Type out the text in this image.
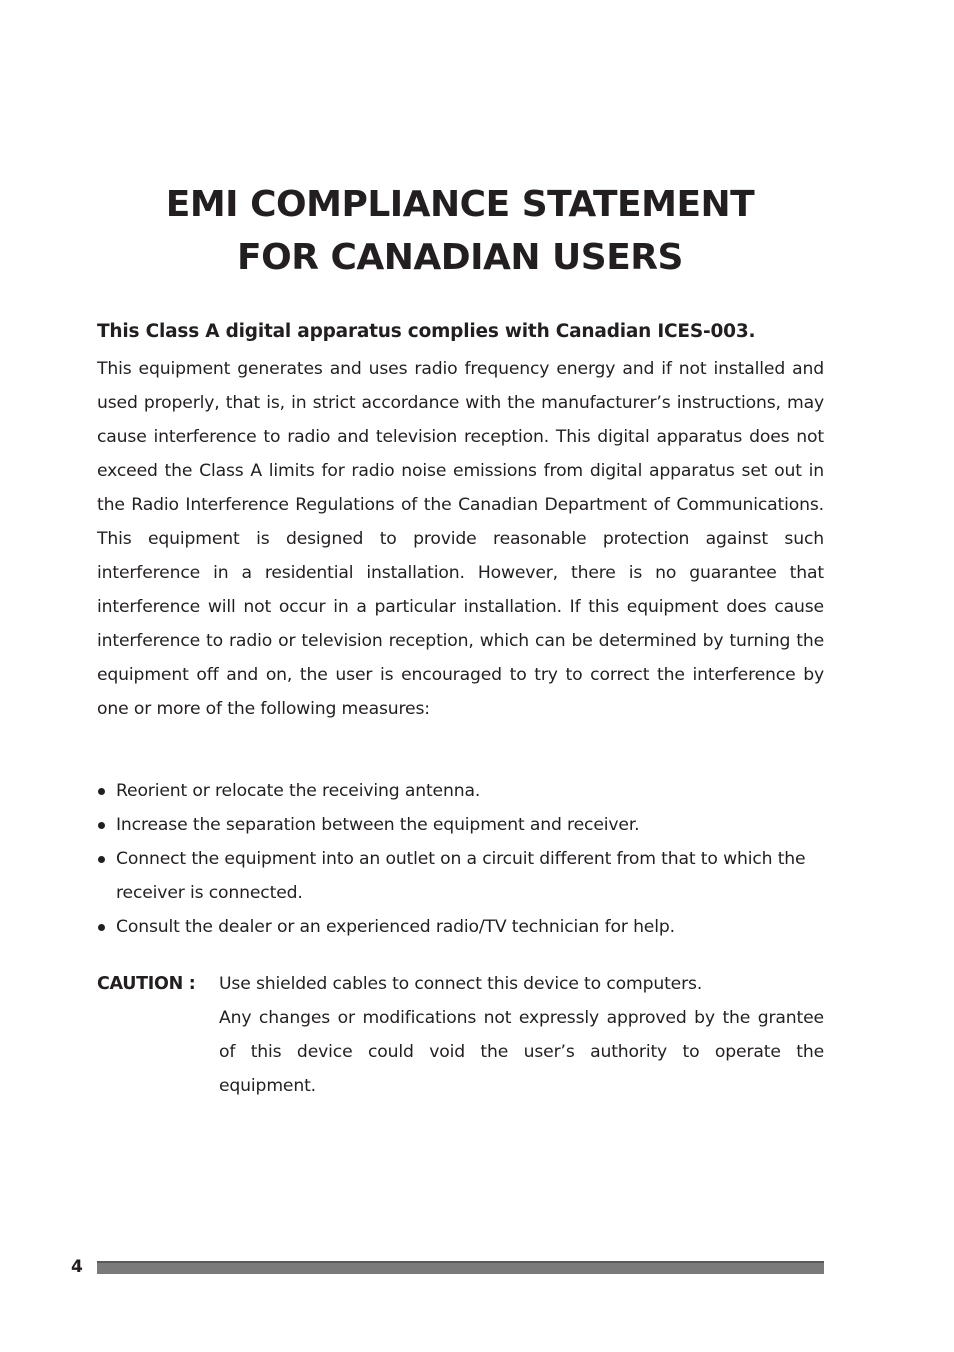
EMI COMPLIANCE STATEMENT
FOR CANADIAN USERS
This Class A digital apparatus complies with Canadian ICES-003.
This equipment generates and uses radio frequency energy and if not installed and used properly, that is, in strict accordance with the manufacturer’s instructions, may cause interference to radio and television reception. This digital apparatus does not exceed the Class A limits for radio noise emissions from digital apparatus set out in the Radio Interference Regulations of the Canadian Department of Communications. This equipment is designed to provide reasonable protection against such interference in a residential installation. However, there is no guarantee that interference will not occur in a particular installation. If this equipment does cause interference to radio or television reception, which can be determined by turning the equipment off and on, the user is encouraged to try to correct the interference by one or more of the following measures:
Reorient or relocate the receiving antenna.
Increase the separation between the equipment and receiver.
Connect the equipment into an outlet on a circuit different from that to which the receiver is connected.
Consult the dealer or an experienced radio/TV technician for help.
CAUTION : Use shielded cables to connect this device to computers.

Any changes or modifications not expressly approved by the grantee of this device could void the user’s authority to operate the equipment.

4
